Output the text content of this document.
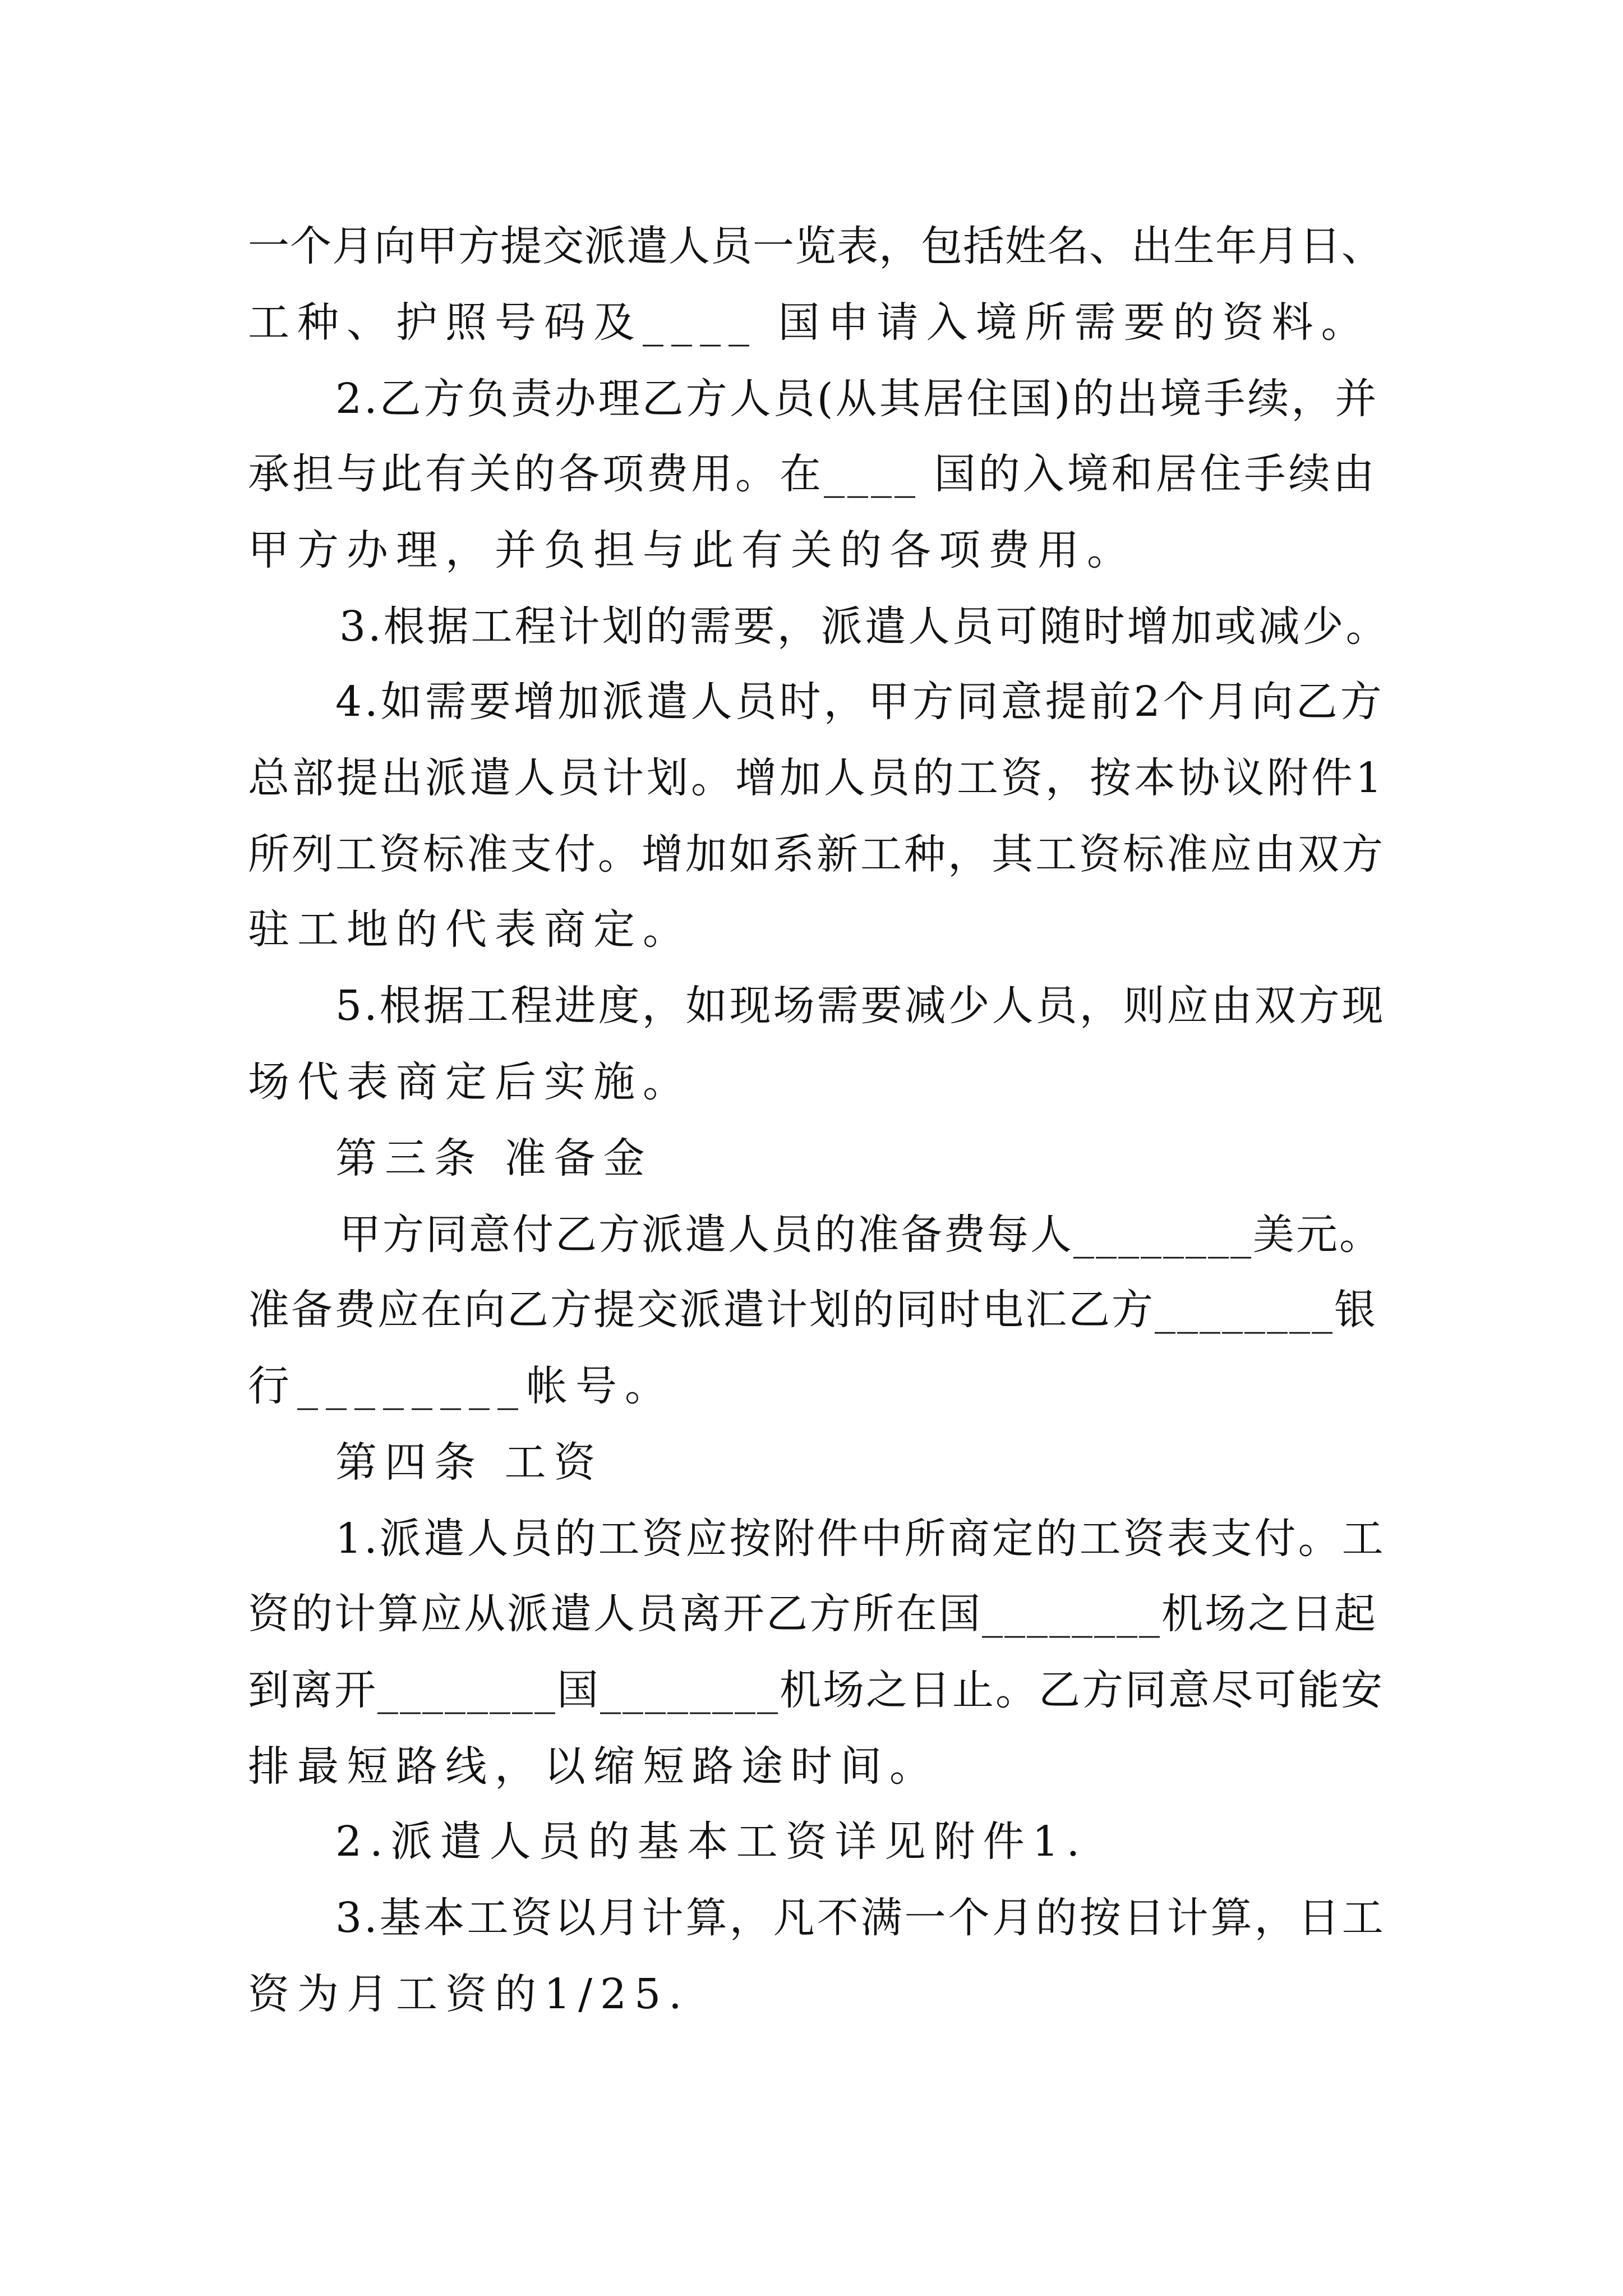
一个月向甲方提交派遣人员一览表，包括姓名、出生年月日、
工种、护照号码及____ 国申请入境所需要的资料。
2.乙方负责办理乙方人员(从其居住国)的出境手续，并
承担与此有关的各项费用。在____ 国的入境和居住手续由
甲方办理，并负担与此有关的各项费用。
3.根据工程计划的需要，派遣人员可随时增加或减少。
4.如需要增加派遣人员时，甲方同意提前2个月向乙方
总部提出派遣人员计划。增加人员的工资，按本协议附件1
所列工资标准支付。增加如系新工种，其工资标准应由双方
驻工地的代表商定。
5.根据工程进度，如现场需要减少人员，则应由双方现
场代表商定后实施。
第三条 准备金
甲方同意付乙方派遣人员的准备费每人________美元。
准备费应在向乙方提交派遣计划的同时电汇乙方________银
行________帐号。
第四条 工资
1.派遣人员的工资应按附件中所商定的工资表支付。工
资的计算应从派遣人员离开乙方所在国________机场之日起
到离开________国________机场之日止。乙方同意尽可能安
排最短路线，以缩短路途时间。
2.派遣人员的基本工资详见附件1.
3.基本工资以月计算，凡不满一个月的按日计算，日工
资为月工资的1/25.
